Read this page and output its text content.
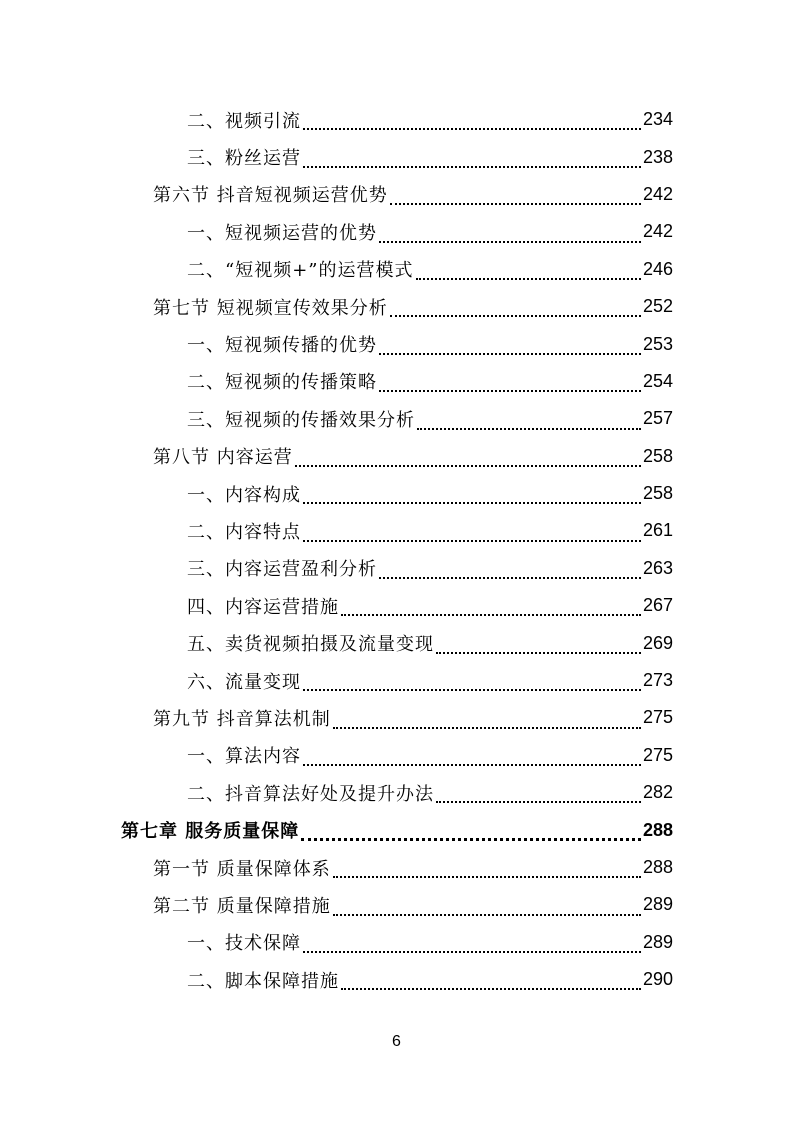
二、视频引流	234
三、粉丝运营	238
第六节 抖音短视频运营优势	242
一、短视频运营的优势	242
二、“短视频+”的运营模式	246
第七节 短视频宣传效果分析	252
一、短视频传播的优势	253
二、短视频的传播策略	254
三、短视频的传播效果分析	257
第八节 内容运营	258
一、内容构成	258
二、内容特点	261
三、内容运营盈利分析	263
四、内容运营措施	267
五、卖货视频拍摄及流量变现	269
六、流量变现	273
第九节 抖音算法机制	275
一、算法内容	275
二、抖音算法好处及提升办法	282
第七章 服务质量保障	288
第一节 质量保障体系	288
第二节 质量保障措施	289
一、技术保障	289
二、脚本保障措施	290
6
